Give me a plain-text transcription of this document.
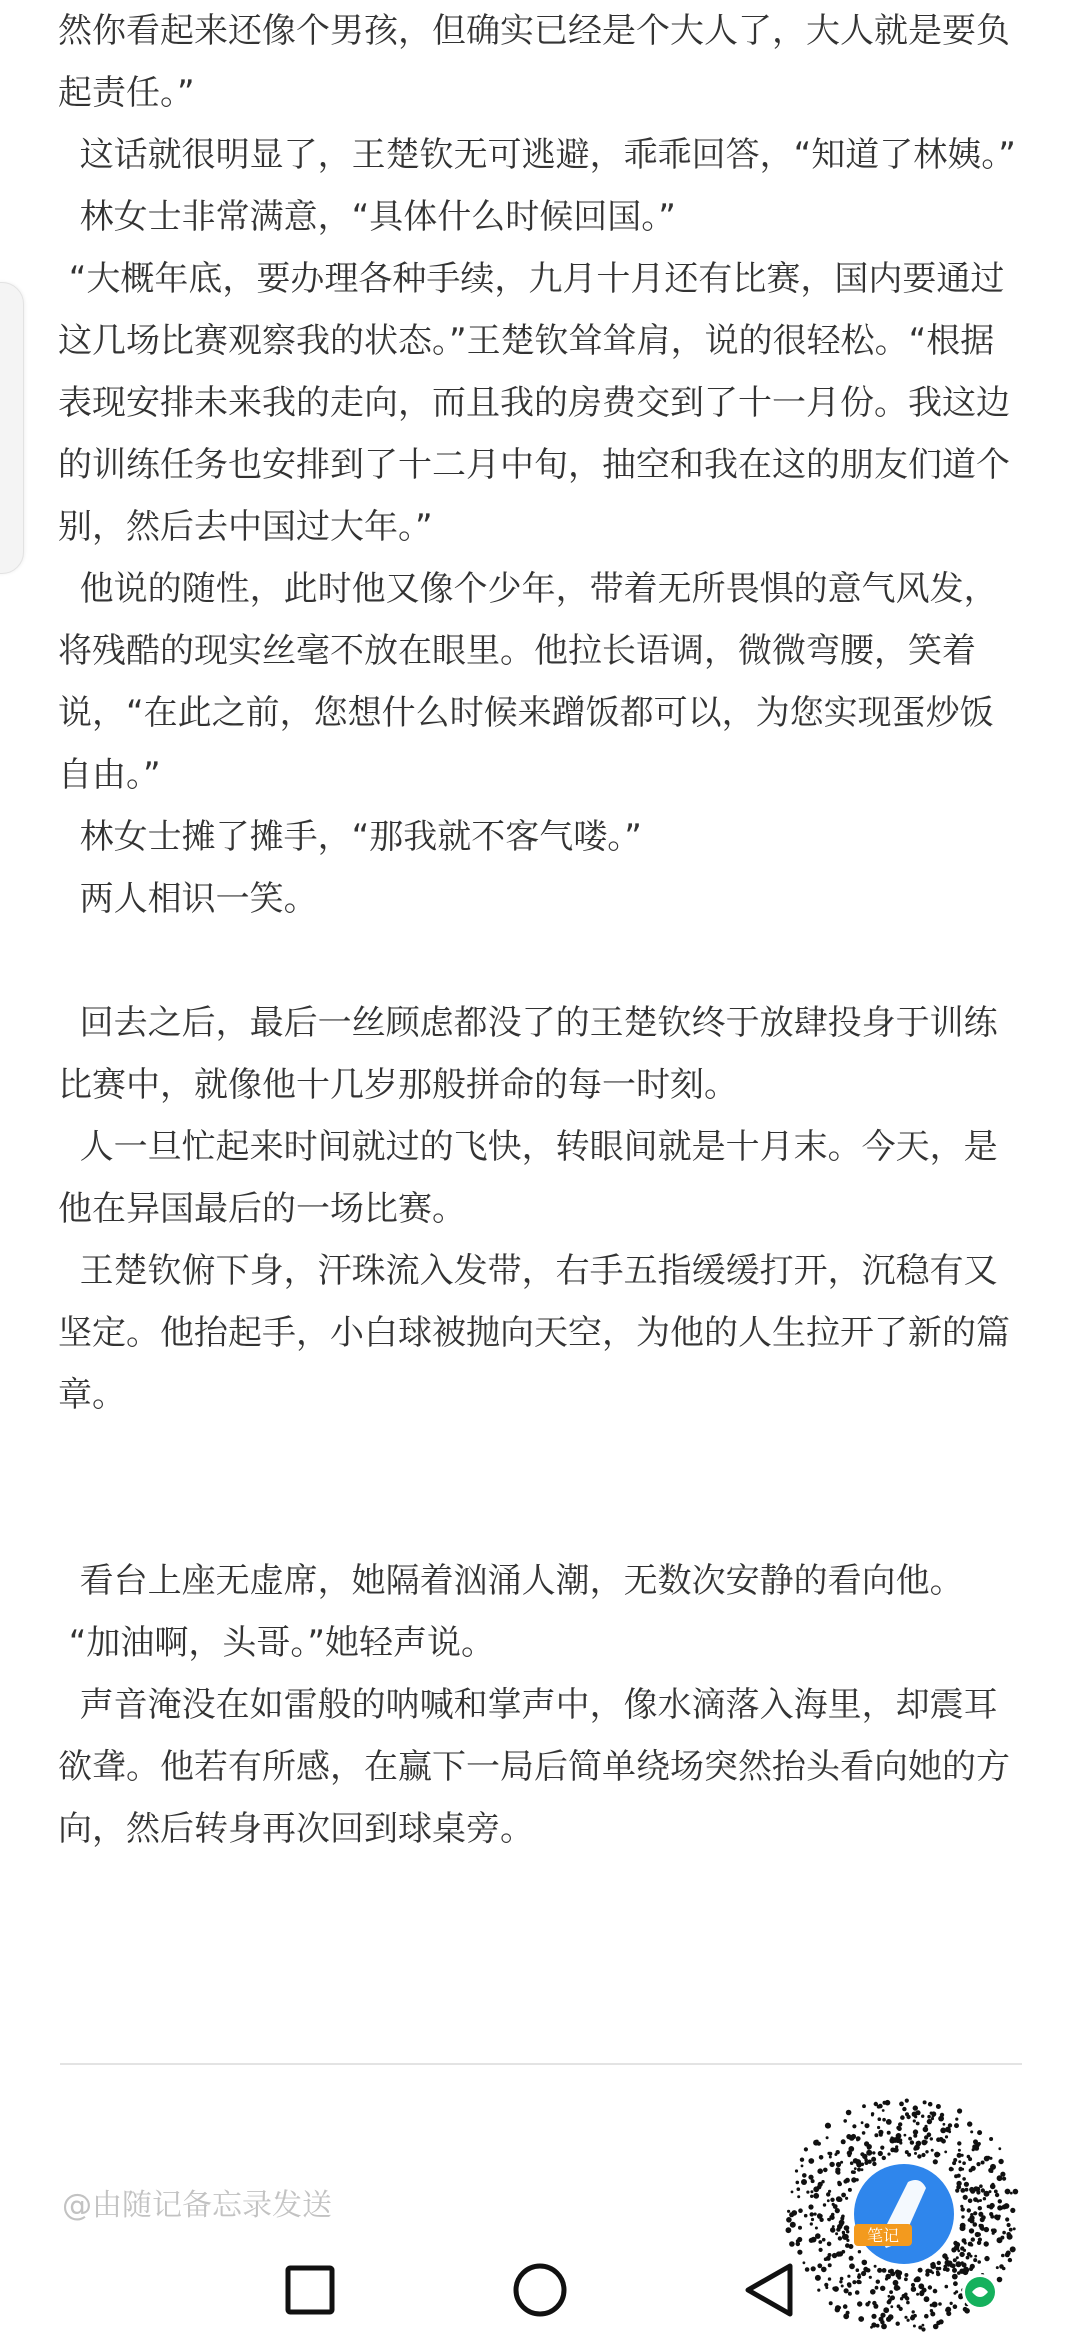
然你看起来还像个男孩，但确实已经是个大人了，大人就是要负起责任。”

这话就很明显了，王楚钦无可逃避，乖乖回答，“知道了林姨。”

林女士非常满意，“具体什么时候回国。”

“大概年底，要办理各种手续，九月十月还有比赛，国内要通过这几场比赛观察我的状态。”王楚钦耸耸肩，说的很轻松。“根据表现安排未来我的走向，而且我的房费交到了十一月份。我这边的训练任务也安排到了十二月中旬，抽空和我在这的朋友们道个别，然后去中国过大年。”

他说的随性，此时他又像个少年，带着无所畏惧的意气风发，将残酷的现实丝毫不放在眼里。他拉长语调，微微弯腰，笑着说，“在此之前，您想什么时候来蹭饭都可以，为您实现蛋炒饭自由。”

林女士摊了摊手，“那我就不客气喽。”

两人相识一笑。

回去之后，最后一丝顾虑都没了的王楚钦终于放肆投身于训练比赛中，就像他十几岁那般拼命的每一时刻。

人一旦忙起来时间就过的飞快，转眼间就是十月末。今天，是他在异国最后的一场比赛。

王楚钦俯下身，汗珠流入发带，右手五指缓缓打开，沉稳有又坚定。他抬起手，小白球被抛向天空，为他的人生拉开了新的篇章。

看台上座无虚席，她隔着汹涌人潮，无数次安静的看向他。

“加油啊，头哥。”她轻声说。

声音淹没在如雷般的呐喊和掌声中，像水滴落入海里，却震耳欲聋。他若有所感，在赢下一局后简单绕场突然抬头看向她的方向，然后转身再次回到球桌旁。

@由随记备忘录发送
笔记
